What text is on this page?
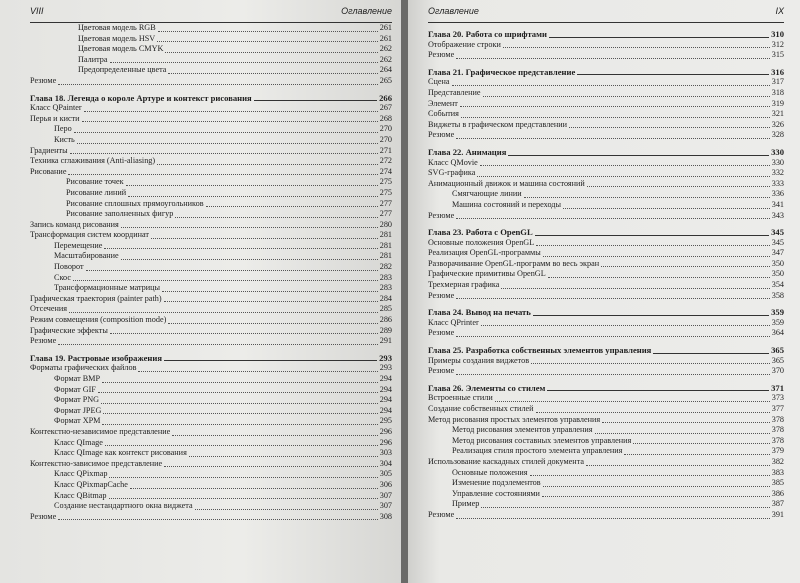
VIII	Оглавление
Цветовая модель RGB	261
Цветовая модель HSV	261
Цветовая модель CMYK	262
Палитра	262
Предопределенные цвета	264
Резюме	265
Глава 18. Легенда о короле Артуре и контекст рисования	266
Класс QPainter	267
Перья и кисти	268
Перо	270
Кисть	270
Градиенты	271
Техника сглаживания (Anti-aliasing)	272
Рисование	274
Рисование точек	275
Рисование линий	275
Рисование сплошных прямоугольников	277
Рисование заполненных фигур	277
Запись команд рисования	280
Трансформация систем координат	281
Перемещение	281
Масштабирование	281
Поворот	282
Скос	283
Трансформационные матрицы	283
Графическая траектория (painter path)	284
Отсечения	285
Режим совмещения (composition mode)	286
Графические эффекты	289
Резюме	291
Глава 19. Растровые изображения	293
Форматы графических файлов	293
Формат BMP	294
Формат GIF	294
Формат PNG	294
Формат JPEG	294
Формат XPM	295
Контекстно-независимое представление	296
Класс QImage	296
Класс QImage как контекст рисования	303
Контекстно-зависимое представление	304
Класс QPixmap	305
Класс QPixmapCache	306
Класс QBitmap	307
Создание нестандартного окна виджета	307
Резюме	308
Оглавление	IX
Глава 20. Работа со шрифтами	310
Отображение строки	312
Резюме	315
Глава 21. Графическое представление	316
Сцена	317
Представление	318
Элемент	319
События	321
Виджеты в графическом представлении	326
Резюме	328
Глава 22. Анимация	330
Класс QMovie	330
SVG-графика	332
Анимационный движок и машина состояний	333
Смягчающие линии	336
Машина состояний и переходы	341
Резюме	343
Глава 23. Работа с OpenGL	345
Основные положения OpenGL	345
Реализация OpenGL-программы	347
Разворачивание OpenGL-программ во весь экран	350
Графические примитивы OpenGL	350
Трехмерная графика	354
Резюме	358
Глава 24. Вывод на печать	359
Класс QPrinter	359
Резюме	364
Глава 25. Разработка собственных элементов управления	365
Примеры создания виджетов	365
Резюме	370
Глава 26. Элементы со стилем	371
Встроенные стили	373
Создание собственных стилей	377
Метод рисования простых элементов управления	378
Метод рисования элементов управления	378
Метод рисования составных элементов управления	378
Реализация стиля простого элемента управления	379
Использование каскадных стилей документа	382
Основные положения	383
Изменение подэлементов	385
Управление состояниями	386
Пример	387
Резюме	391
